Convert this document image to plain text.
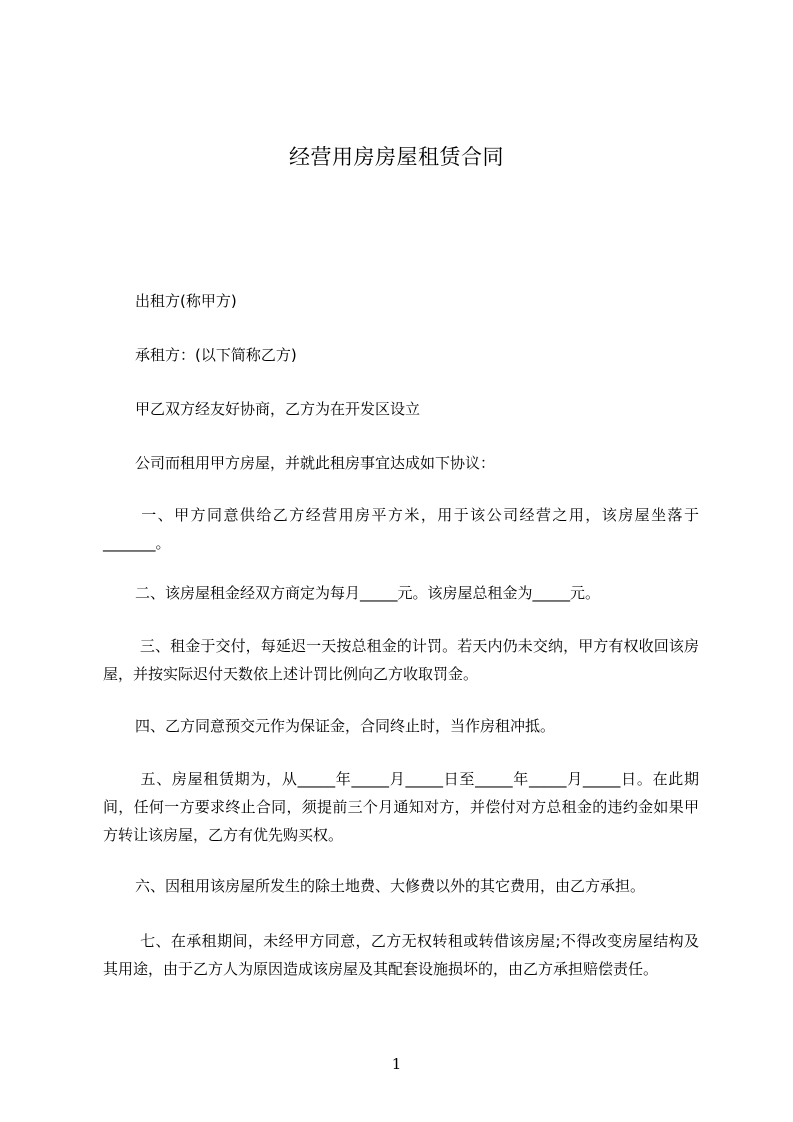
经营用房房屋租赁合同

出租方(称甲方)

承租方：(以下简称乙方)

甲乙双方经友好协商，乙方为在开发区设立

公司而租用甲方房屋，并就此租房事宜达成如下协议：

一、甲方同意供给乙方经营用房平方米，用于该公司经营之用，该房屋坐落于_______。

二、该房屋租金经双方商定为每月_____元。该房屋总租金为_____元。

三、租金于交付，每延迟一天按总租金的计罚。若天内仍未交纳，甲方有权收回该房屋，并按实际迟付天数依上述计罚比例向乙方收取罚金。

四、乙方同意预交元作为保证金，合同终止时，当作房租冲抵。

五、房屋租赁期为，从_____年_____月_____日至_____年_____月_____日。在此期间，任何一方要求终止合同，须提前三个月通知对方，并偿付对方总租金的违约金如果甲方转让该房屋，乙方有优先购买权。

六、因租用该房屋所发生的除土地费、大修费以外的其它费用，由乙方承担。

七、在承租期间，未经甲方同意，乙方无权转租或转借该房屋;不得改变房屋结构及其用途，由于乙方人为原因造成该房屋及其配套设施损坏的，由乙方承担赔偿责任。

1
